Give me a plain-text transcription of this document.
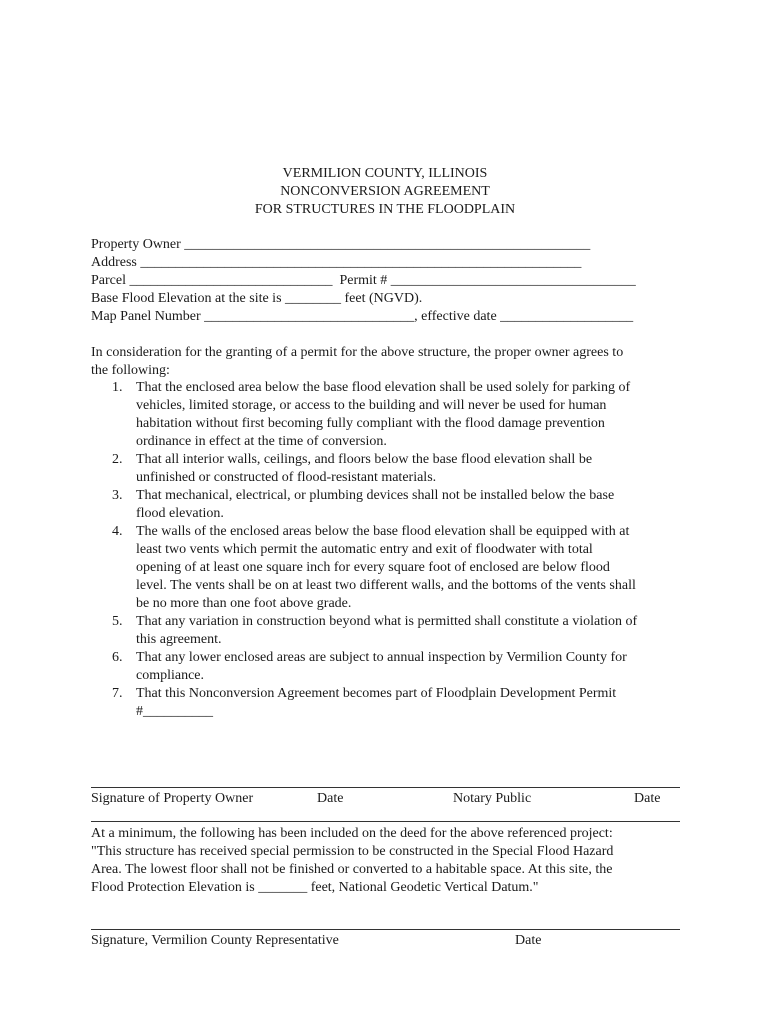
VERMILION COUNTY, ILLINOIS
NONCONVERSION AGREEMENT
FOR STRUCTURES IN THE FLOODPLAIN
Property Owner __________________________________________________________
Address _______________________________________________________________
Parcel _____________________________  Permit # ___________________________________
Base Flood Elevation at the site is ________ feet (NGVD).
Map Panel Number ______________________________, effective date ___________________
In consideration for the granting of a permit for the above structure, the proper owner agrees to
the following:
1. That the enclosed area below the base flood elevation shall be used solely for parking of
vehicles, limited storage, or access to the building and will never be used for human
habitation without first becoming fully compliant with the flood damage prevention
ordinance in effect at the time of conversion.
2. That all interior walls, ceilings, and floors below the base flood elevation shall be
unfinished or constructed of flood-resistant materials.
3. That mechanical, electrical, or plumbing devices shall not be installed below the base
flood elevation.
4. The walls of the enclosed areas below the base flood elevation shall be equipped with at
least two vents which permit the automatic entry and exit of floodwater with total
opening of at least one square inch for every square foot of enclosed are below flood
level. The vents shall be on at least two different walls, and the bottoms of the vents shall
be no more than one foot above grade.
5. That any variation in construction beyond what is permitted shall constitute a violation of
this agreement.
6. That any lower enclosed areas are subject to annual inspection by Vermilion County for
compliance.
7. That this Nonconversion Agreement becomes part of Floodplain Development Permit
#__________
Signature of Property Owner	Date	Notary Public	Date
At a minimum, the following has been included on the deed for the above referenced project:
"This structure has received special permission to be constructed in the Special Flood Hazard
Area. The lowest floor shall not be finished or converted to a habitable space. At this site, the
Flood Protection Elevation is _______ feet, National Geodetic Vertical Datum."
Signature, Vermilion County Representative	Date
